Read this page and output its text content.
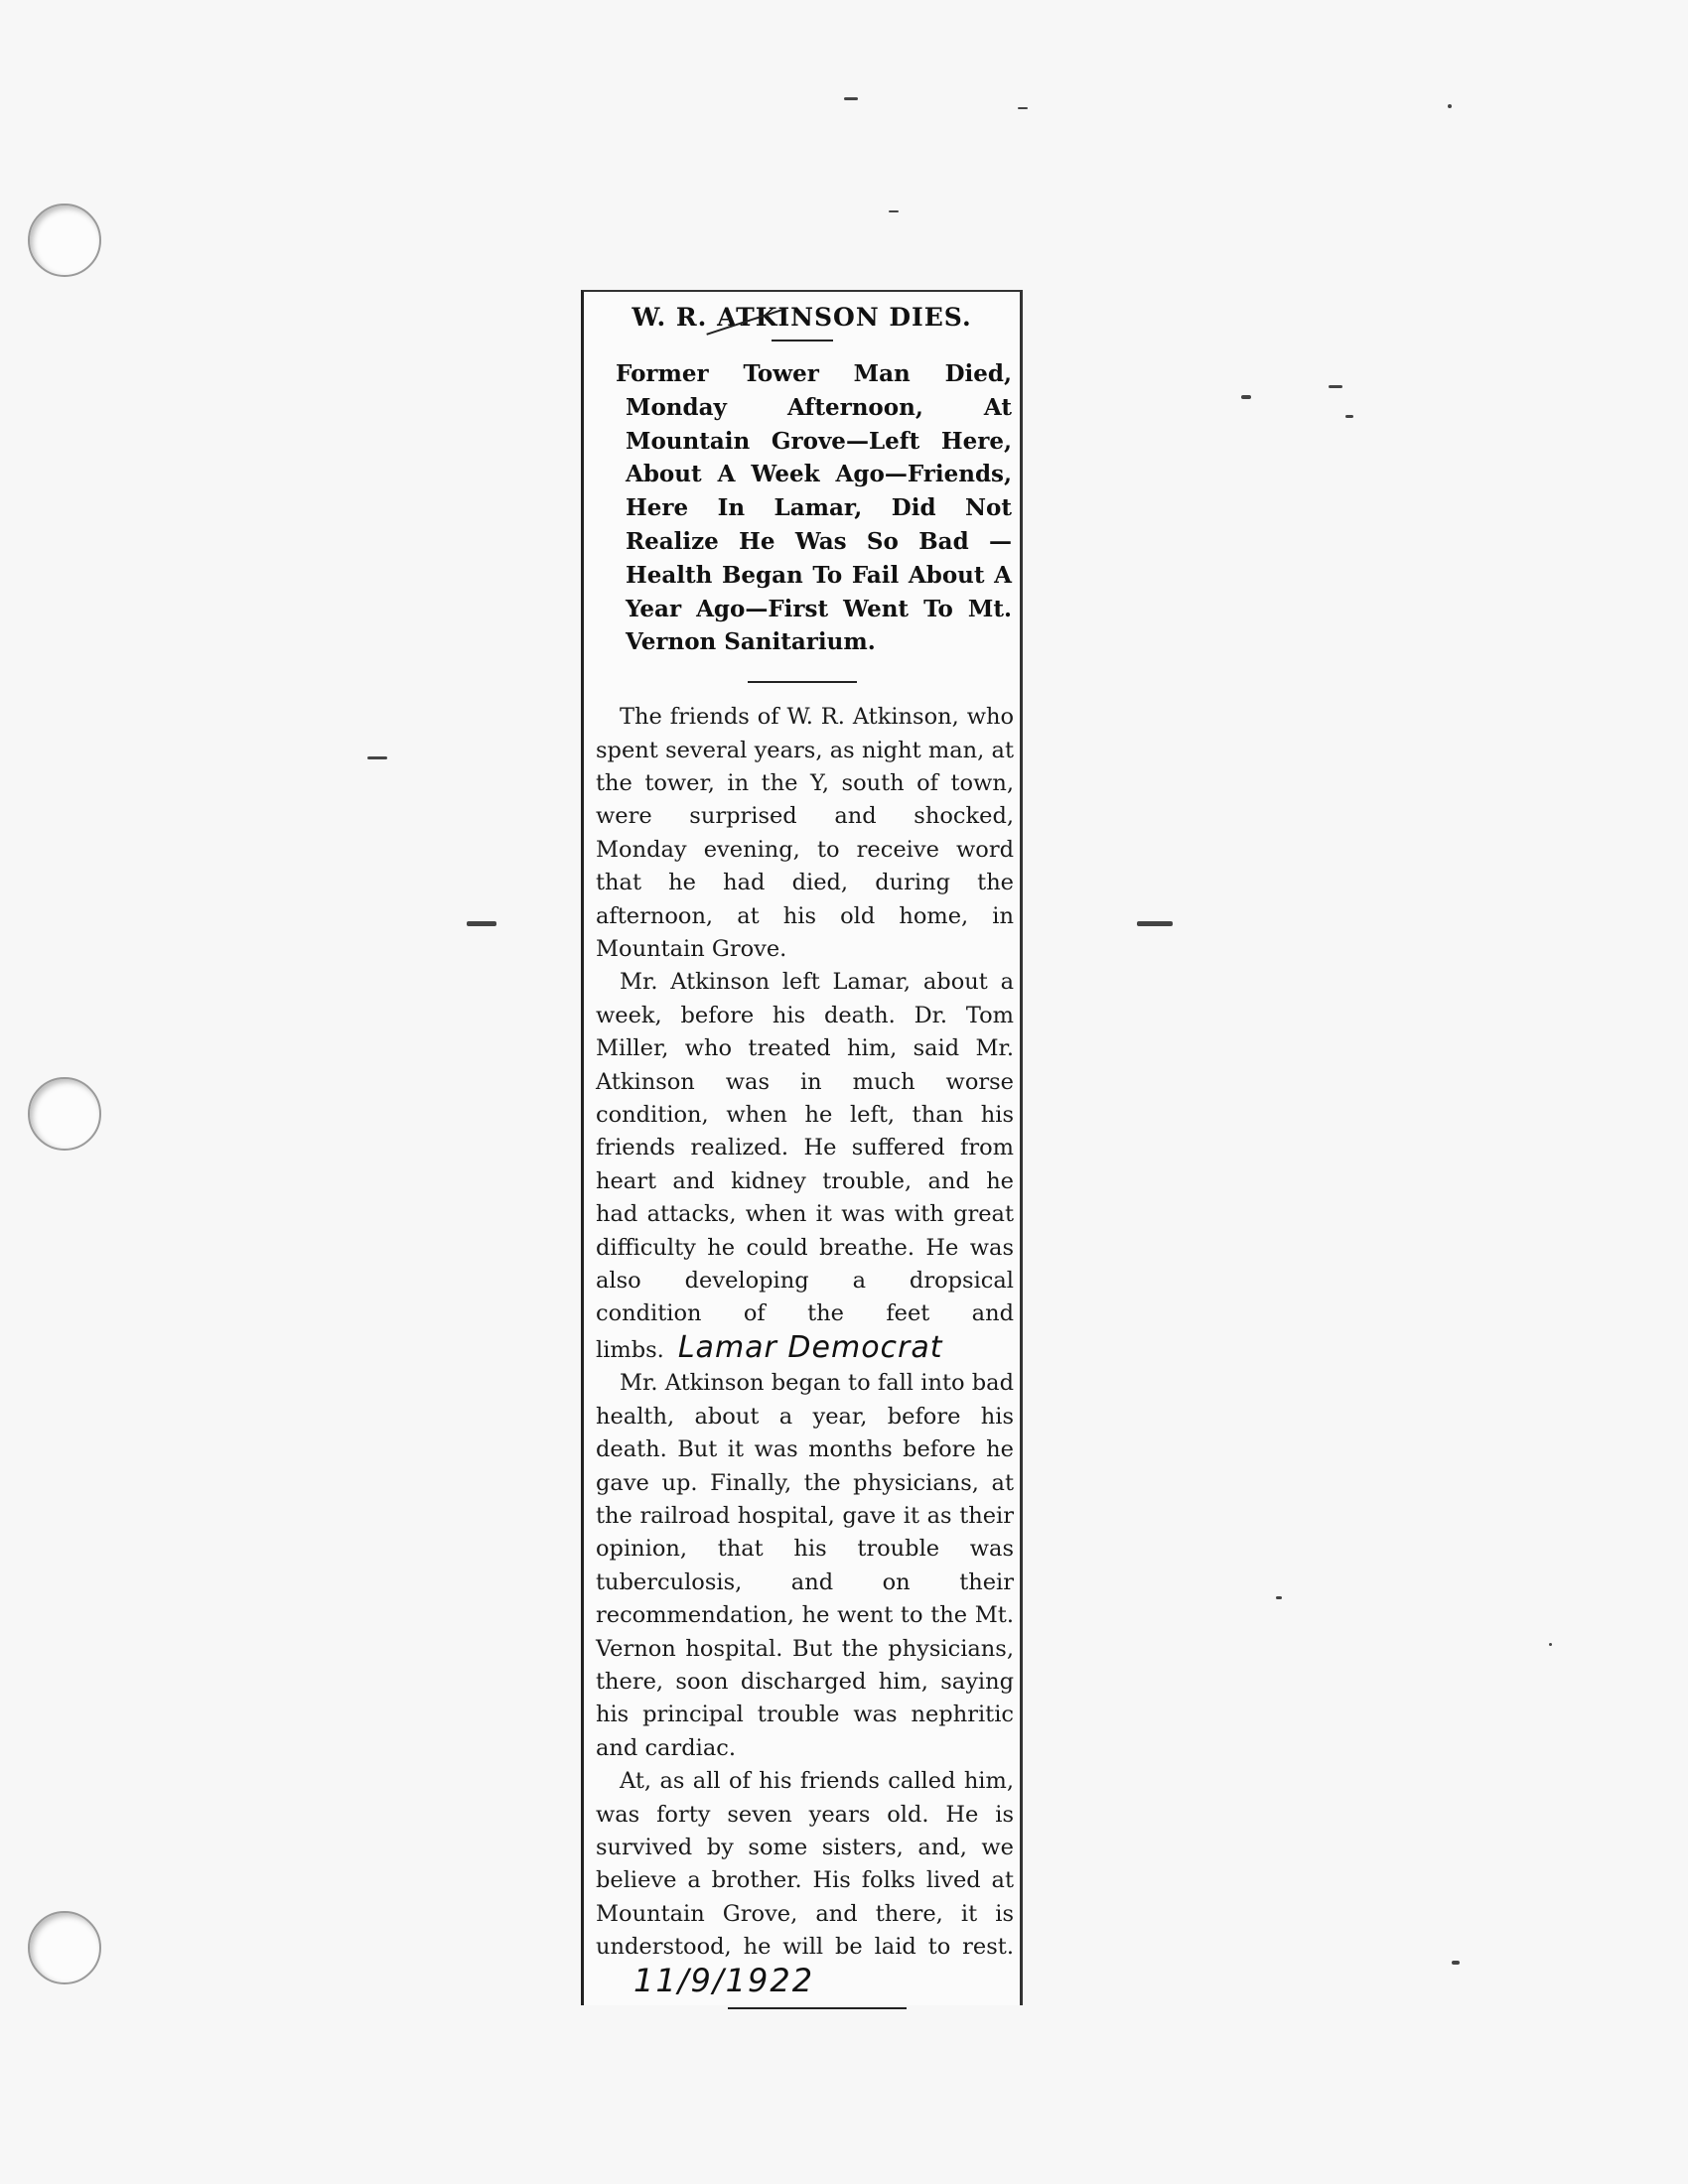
W. R. ATKINSON DIES.
Former Tower Man Died, Monday Afternoon, At Mountain Grove—Left Here, About A Week Ago—Friends, Here In Lamar, Did Not Realize He Was So Bad —Health Began To Fail About A Year Ago—First Went To Mt. Vernon Sanitarium.

The friends of W. R. Atkinson, who spent several years, as night man, at the tower, in the Y, south of town, were surprised and shocked, Monday evening, to receive word that he had died, during the afternoon, at his old home, in Mountain Grove.

Mr. Atkinson left Lamar, about a week, before his death. Dr. Tom Miller, who treated him, said Mr. Atkinson was in much worse condition, when he left, than his friends realized. He suffered from heart and kidney trouble, and he had attacks, when it was with great difficulty he could breathe. He was also developing a dropsical condition of the feet and limbs. Lamar Democrat

Mr. Atkinson began to fall into bad health, about a year, before his death. But it was months before he gave up. Finally, the physicians, at the railroad hospital, gave it as their opinion, that his trouble was tuberculosis, and on their recommendation, he went to the Mt. Vernon hospital. But the physicians, there, soon discharged him, saying his principal trouble was nephritic and cardiac.

At, as all of his friends called him, was forty seven years old. He is survived by some sisters, and, we believe a brother. His folks lived at Mountain Grove, and there, it is understood, he will be laid to rest.11/9/1922
